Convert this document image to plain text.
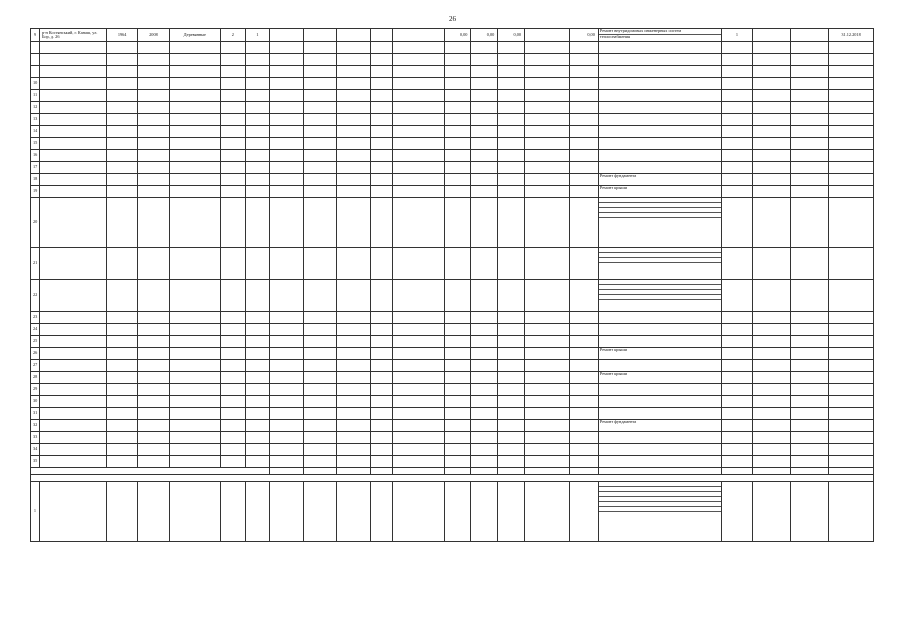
26
9	р-н Костянський, г. Канаш, ул. Бор, д. 26	1964	2008	Деревянные	2	1						0,00	0,00	0,00		0,00	Ремонт внутридомовых инженерных систем
теплоснабжения	1			31.12.2018

10																	

11																	

12																	

13																	

14																	

15																	

16																	

17																	

18																	Ремонт фундамента				

19																	Ремонт крыши				

20																	

21																	

22																	

23																	

24																	

25																	

26																	Ремонт крыши				

27																	

28																	Ремонт крыши				

29																	

30																	

31																	

32																	Ремонт фундамента				

33																	

34																	

35																	

1																	
